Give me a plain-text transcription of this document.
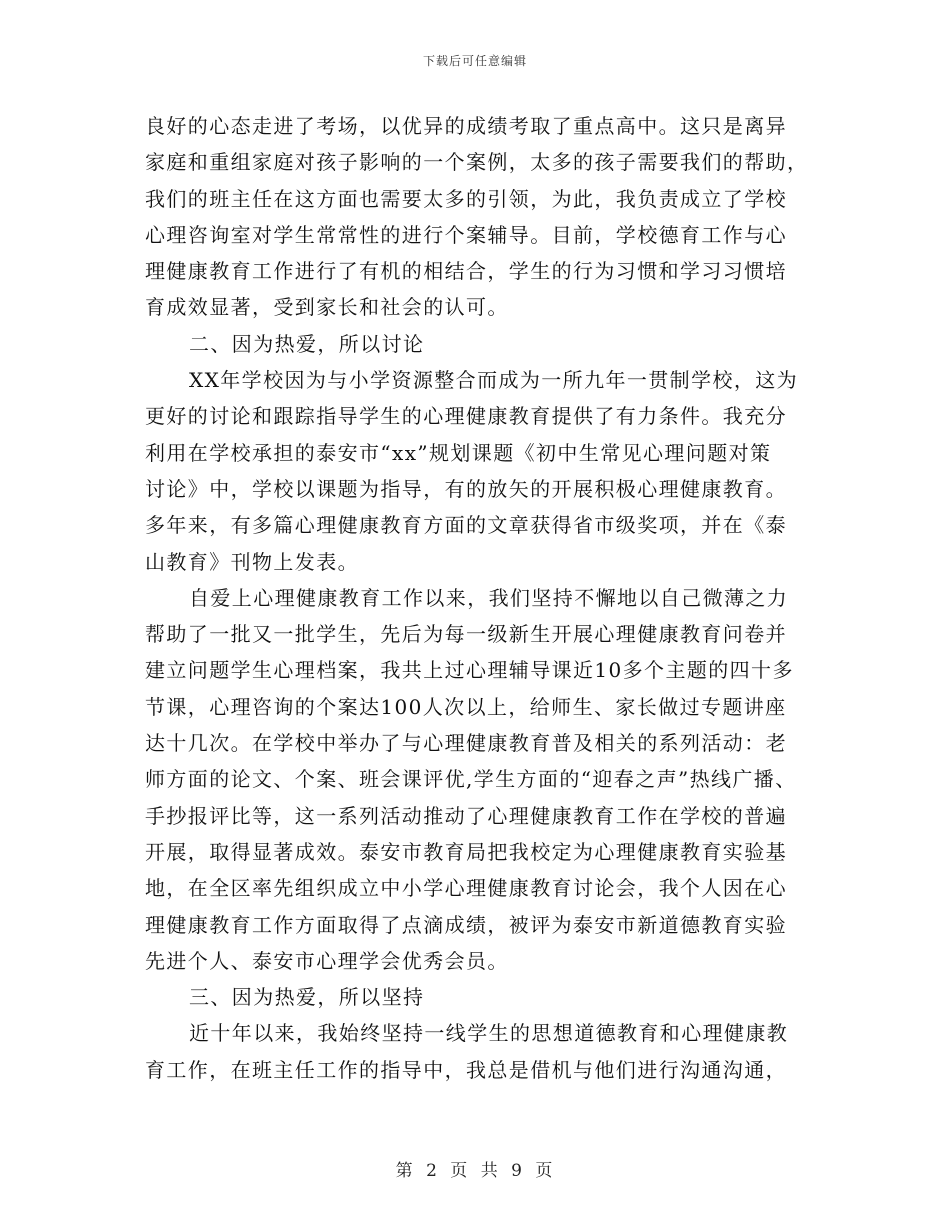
下载后可任意编辑
良好的心态走进了考场，以优异的成绩考取了重点高中。这只是离异
家庭和重组家庭对孩子影响的一个案例，太多的孩子需要我们的帮助，
我们的班主任在这方面也需要太多的引领，为此，我负责成立了学校
心理咨询室对学生常常性的进行个案辅导。目前，学校德育工作与心
理健康教育工作进行了有机的相结合，学生的行为习惯和学习习惯培
育成效显著，受到家长和社会的认可。
二、因为热爱，所以讨论
XX年学校因为与小学资源整合而成为一所九年一贯制学校，这为
更好的讨论和跟踪指导学生的心理健康教育提供了有力条件。我充分
利用在学校承担的泰安市“xx”规划课题《初中生常见心理问题对策
讨论》中，学校以课题为指导，有的放矢的开展积极心理健康教育。
多年来，有多篇心理健康教育方面的文章获得省市级奖项，并在《泰
山教育》刊物上发表。
自爱上心理健康教育工作以来，我们坚持不懈地以自己微薄之力
帮助了一批又一批学生，先后为每一级新生开展心理健康教育问卷并
建立问题学生心理档案，我共上过心理辅导课近10多个主题的四十多
节课，心理咨询的个案达100人次以上，给师生、家长做过专题讲座
达十几次。在学校中举办了与心理健康教育普及相关的系列活动：老
师方面的论文、个案、班会课评优,学生方面的“迎春之声”热线广播、
手抄报评比等，这一系列活动推动了心理健康教育工作在学校的普遍
开展，取得显著成效。泰安市教育局把我校定为心理健康教育实验基
地，在全区率先组织成立中小学心理健康教育讨论会，我个人因在心
理健康教育工作方面取得了点滴成绩，被评为泰安市新道德教育实验
先进个人、泰安市心理学会优秀会员。
三、因为热爱，所以坚持
近十年以来，我始终坚持一线学生的思想道德教育和心理健康教
育工作，在班主任工作的指导中，我总是借机与他们进行沟通沟通，
第 2 页 共 9 页
